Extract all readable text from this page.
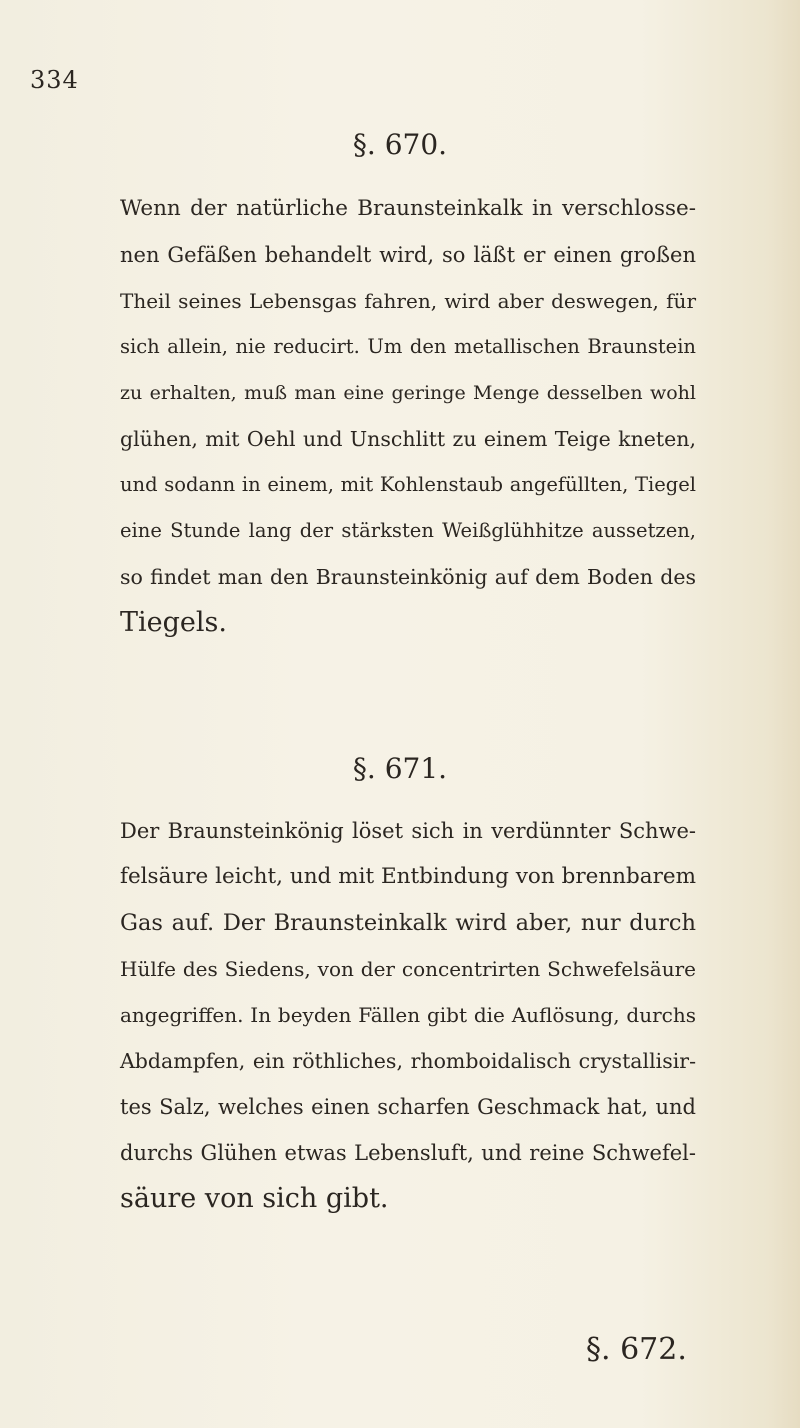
334
§. 670.
Wenn der natürliche Braunsteinkalk in verschlosse-
nen Gefäßen behandelt wird, so läßt er einen großen
Theil seines Lebensgas fahren, wird aber deswegen, für
sich allein, nie reducirt. Um den metallischen Braunstein
zu erhalten, muß man eine geringe Menge desselben wohl
glühen, mit Oehl und Unschlitt zu einem Teige kneten,
und sodann in einem, mit Kohlenstaub angefüllten, Tiegel
eine Stunde lang der stärksten Weißglühhitze aussetzen,
so findet man den Braunsteinkönig auf dem Boden des
Tiegels.
§. 671.
Der Braunsteinkönig löset sich in verdünnter Schwe-
felsäure leicht, und mit Entbindung von brennbarem
Gas auf. Der Braunsteinkalk wird aber, nur durch
Hülfe des Siedens, von der concentrirten Schwefelsäure
angegriffen. In beyden Fällen gibt die Auflösung, durchs
Abdampfen, ein röthliches, rhomboidalisch crystallisir-
tes Salz, welches einen scharfen Geschmack hat, und
durchs Glühen etwas Lebensluft, und reine Schwefel-
säure von sich gibt.
§. 672.
